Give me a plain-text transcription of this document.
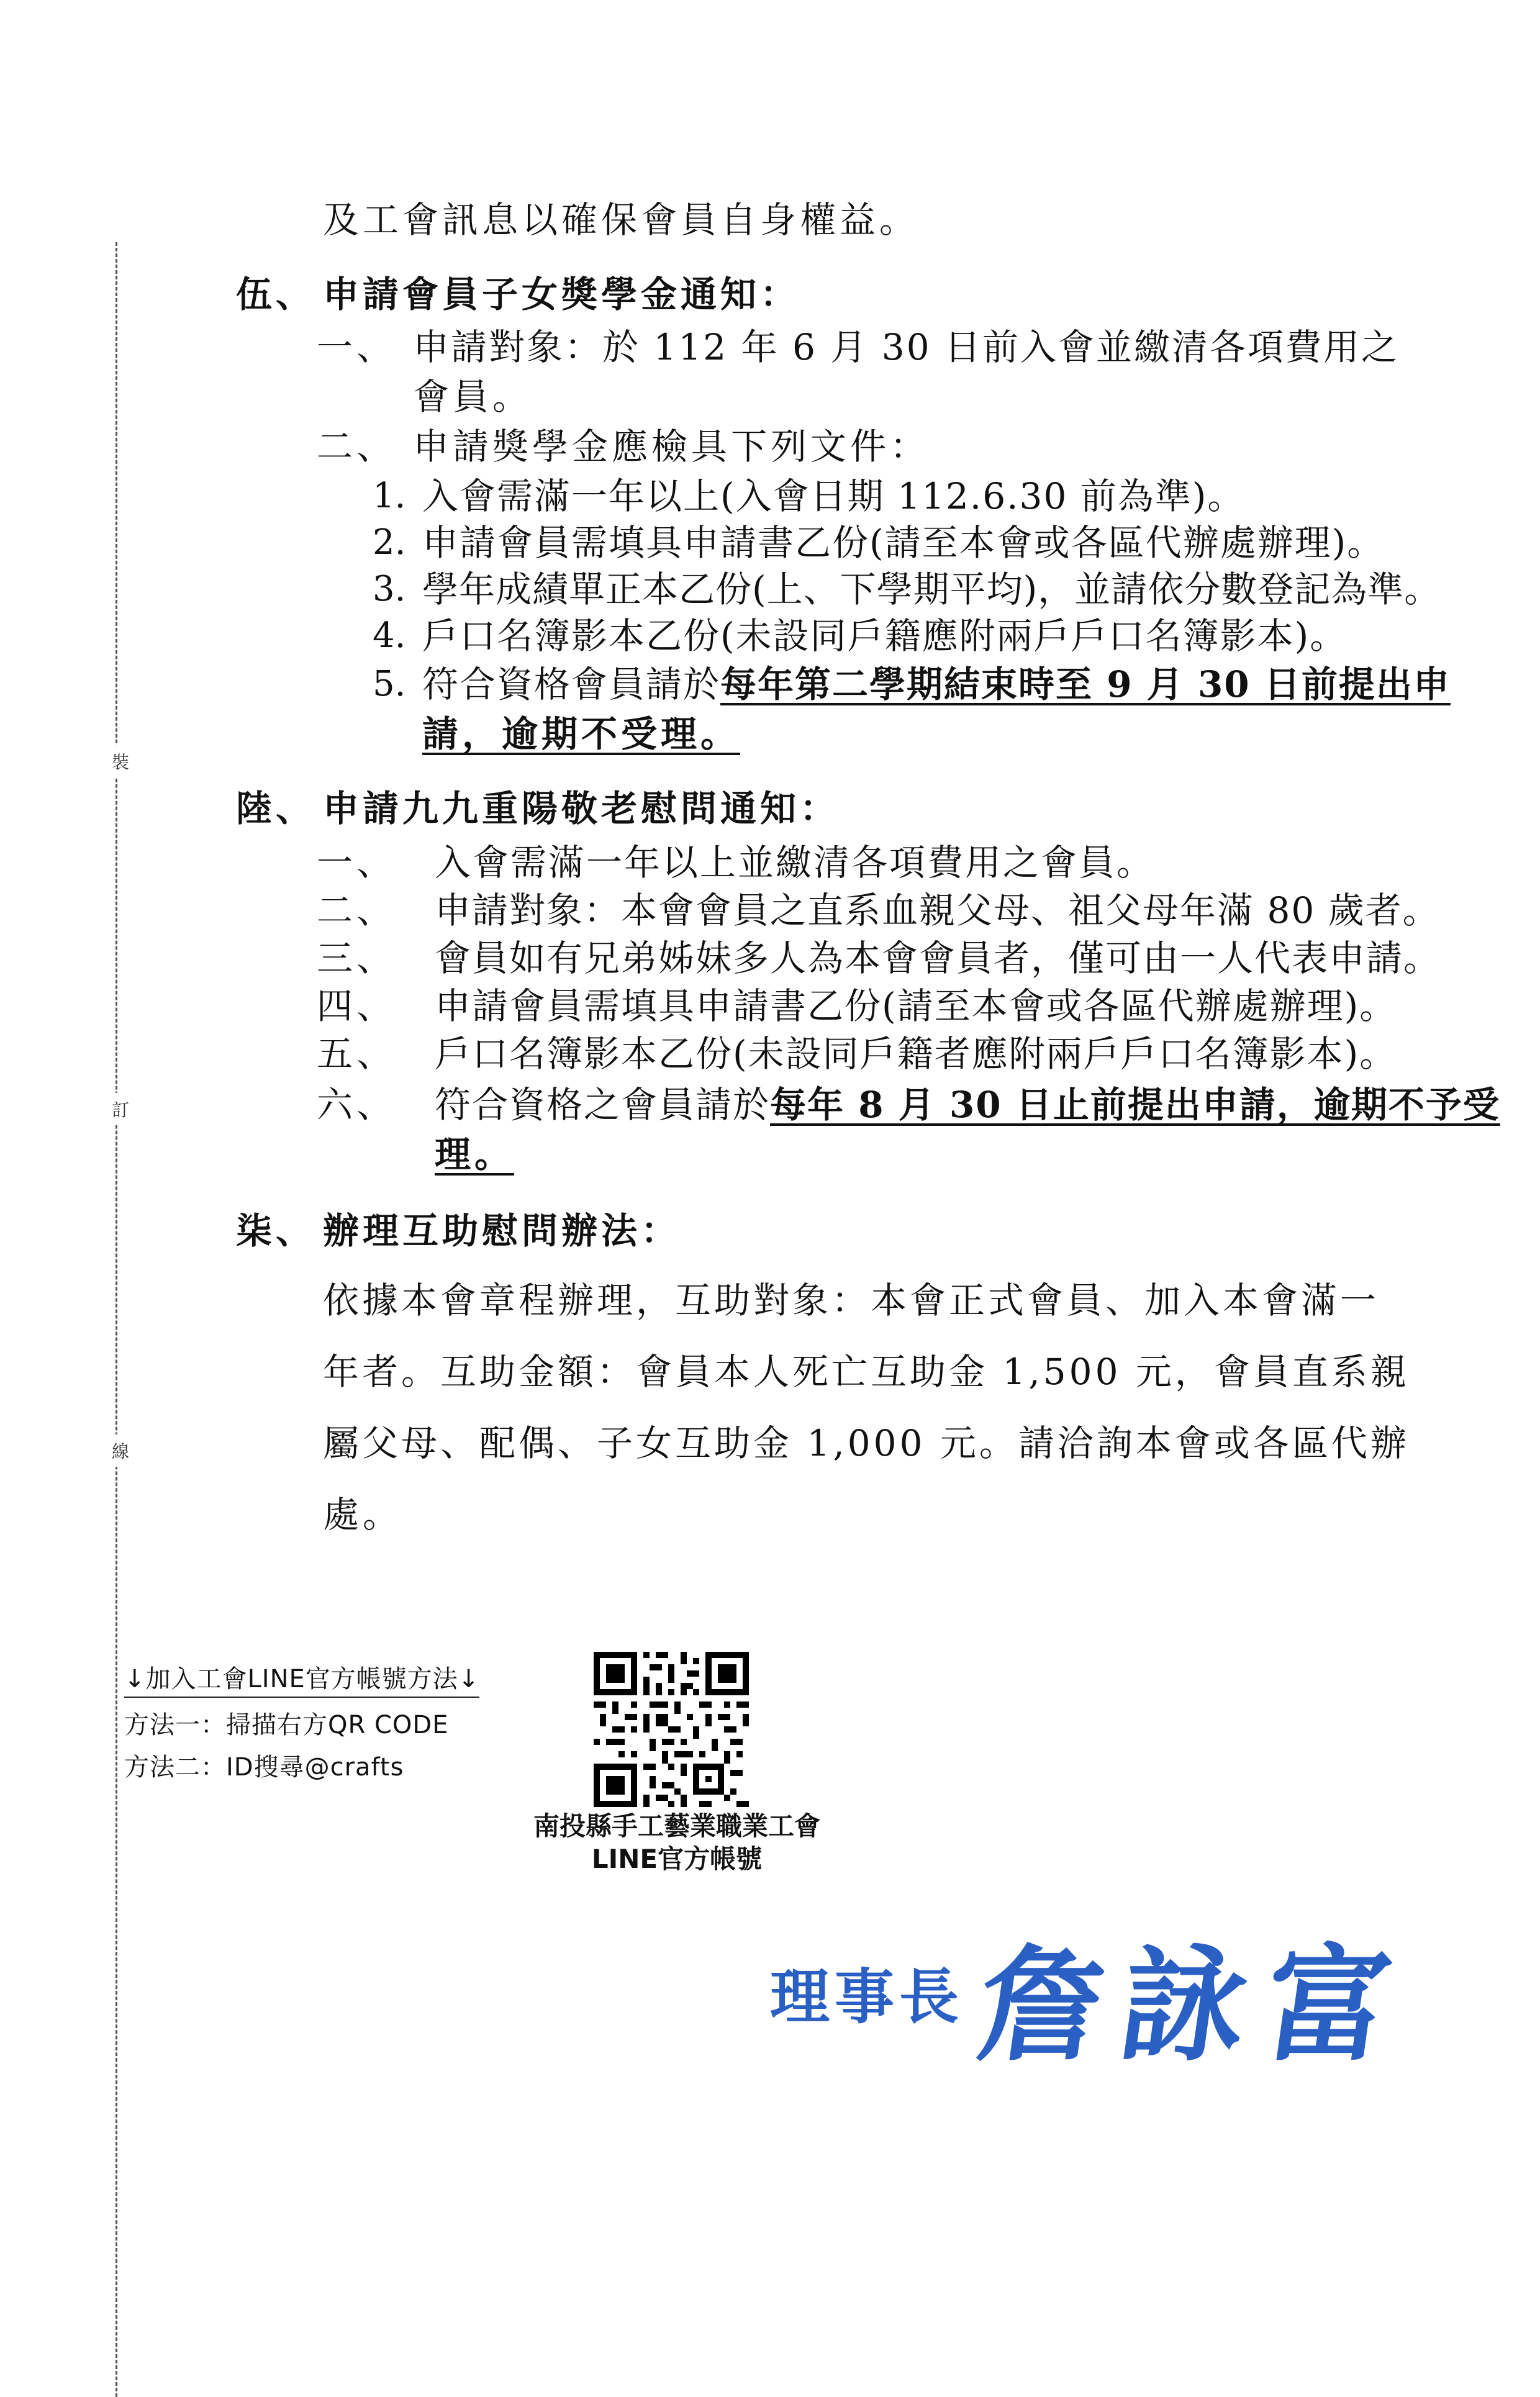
裝
訂
線
及工會訊息以確保會員自身權益。
伍、 申請會員子女獎學金通知：
一、 申請對象：於 112 年 6 月 30 日前入會並繳清各項費用之
會員。
二、 申請獎學金應檢具下列文件：
1. 入會需滿一年以上(入會日期 112.6.30 前為準)。
2. 申請會員需填具申請書乙份(請至本會或各區代辦處辦理)。
3. 學年成績單正本乙份(上、下學期平均)，並請依分數登記為準。
4. 戶口名簿影本乙份(未設同戶籍應附兩戶戶口名簿影本)。
5. 符合資格會員請於每年第二學期結束時至 9 月 30 日前提出申
請，逾期不受理。
陸、 申請九九重陽敬老慰問通知：
一、 入會需滿一年以上並繳清各項費用之會員。
二、 申請對象：本會會員之直系血親父母、祖父母年滿 80 歲者。
三、 會員如有兄弟姊妹多人為本會會員者，僅可由一人代表申請。
四、 申請會員需填具申請書乙份(請至本會或各區代辦處辦理)。
五、 戶口名簿影本乙份(未設同戶籍者應附兩戶戶口名簿影本)。
六、 符合資格之會員請於每年 8 月 30 日止前提出申請，逾期不予受
理。
柒、 辦理互助慰問辦法：
依據本會章程辦理，互助對象：本會正式會員、加入本會滿一
年者。互助金額：會員本人死亡互助金 1,500 元，會員直系親
屬父母、配偶、子女互助金 1,000 元。請洽詢本會或各區代辦
處。
↓加入工會LINE官方帳號方法↓
方法一：掃描右方QR CODE
方法二：ID搜尋@crafts
南投縣手工藝業職業工會
LINE官方帳號
理事長 詹詠富
